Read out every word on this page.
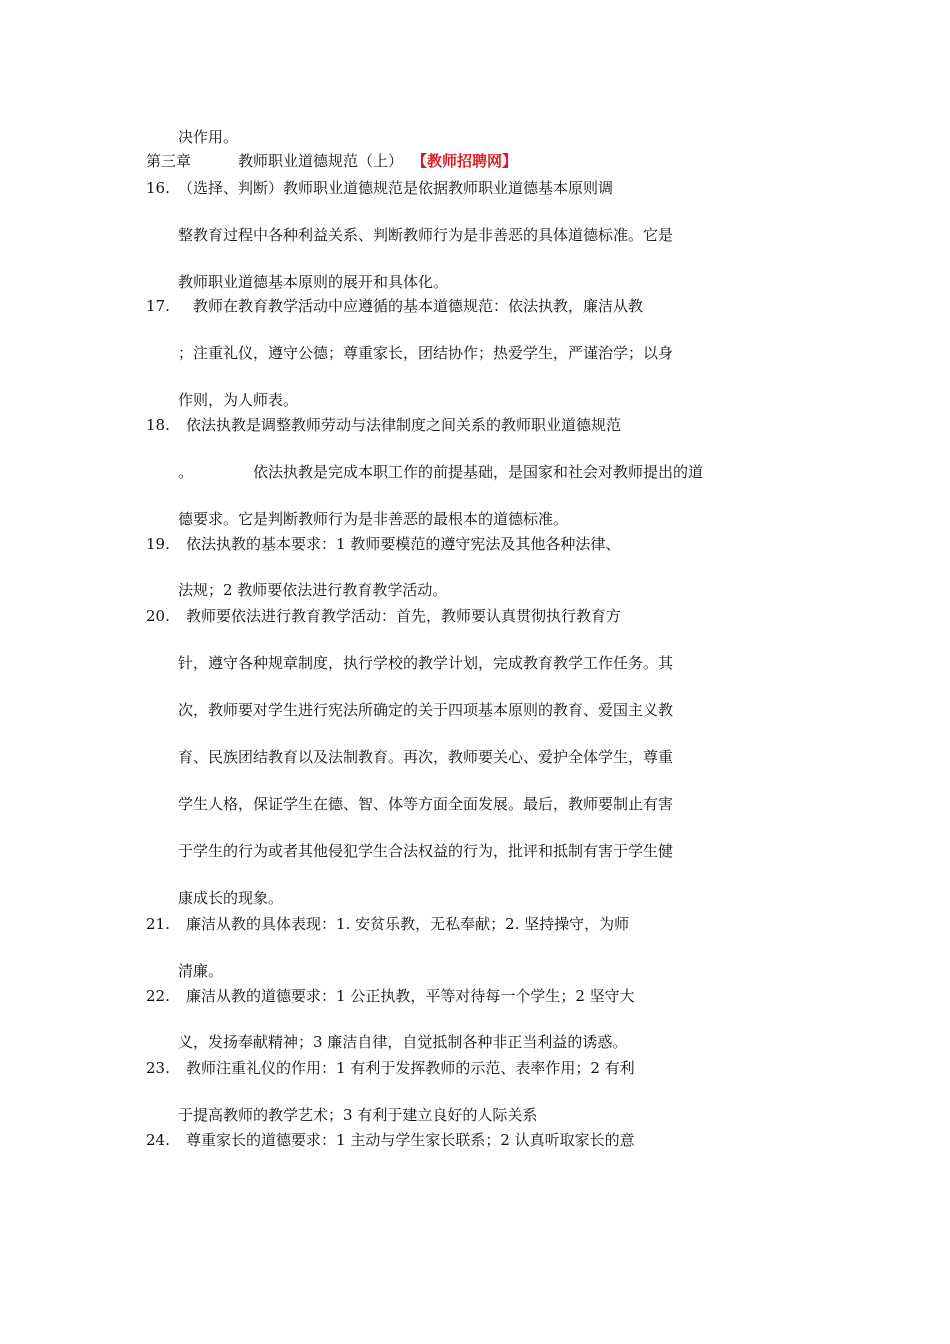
决作用。
第三章	教师职业道德规范（上） 【教师招聘网】
16. （选择、判断）教师职业道德规范是依据教师职业道德基本原则调
整教育过程中各种利益关系、判断教师行为是非善恶的具体道德标准。它是
教师职业道德基本原则的展开和具体化。
17. 教师在教育教学活动中应遵循的基本道德规范：依法执教，廉洁从教
；注重礼仪，遵守公德；尊重家长，团结协作；热爱学生，严谨治学；以身
作则，为人师表。
18. 依法执教是调整教师劳动与法律制度之间关系的教师职业道德规范
。	依法执教是完成本职工作的前提基础，是国家和社会对教师提出的道
德要求。它是判断教师行为是非善恶的最根本的道德标准。
19. 依法执教的基本要求：1 教师要模范的遵守宪法及其他各种法律、
法规；2 教师要依法进行教育教学活动。
20. 教师要依法进行教育教学活动：首先，教师要认真贯彻执行教育方
针，遵守各种规章制度，执行学校的教学计划，完成教育教学工作任务。其
次，教师要对学生进行宪法所确定的关于四项基本原则的教育、爱国主义教
育、民族团结教育以及法制教育。再次，教师要关心、爱护全体学生，尊重
学生人格，保证学生在德、智、体等方面全面发展。最后，教师要制止有害
于学生的行为或者其他侵犯学生合法权益的行为，批评和抵制有害于学生健
康成长的现象。
21. 廉洁从教的具体表现：1. 安贫乐教，无私奉献；2. 坚持操守，为师
清廉。
22. 廉洁从教的道德要求：1 公正执教，平等对待每一个学生；2 坚守大
义，发扬奉献精神；3 廉洁自律，自觉抵制各种非正当利益的诱惑。
23. 教师注重礼仪的作用：1 有利于发挥教师的示范、表率作用；2 有利
于提高教师的教学艺术；3 有利于建立良好的人际关系
24. 尊重家长的道德要求：1 主动与学生家长联系；2 认真听取家长的意
